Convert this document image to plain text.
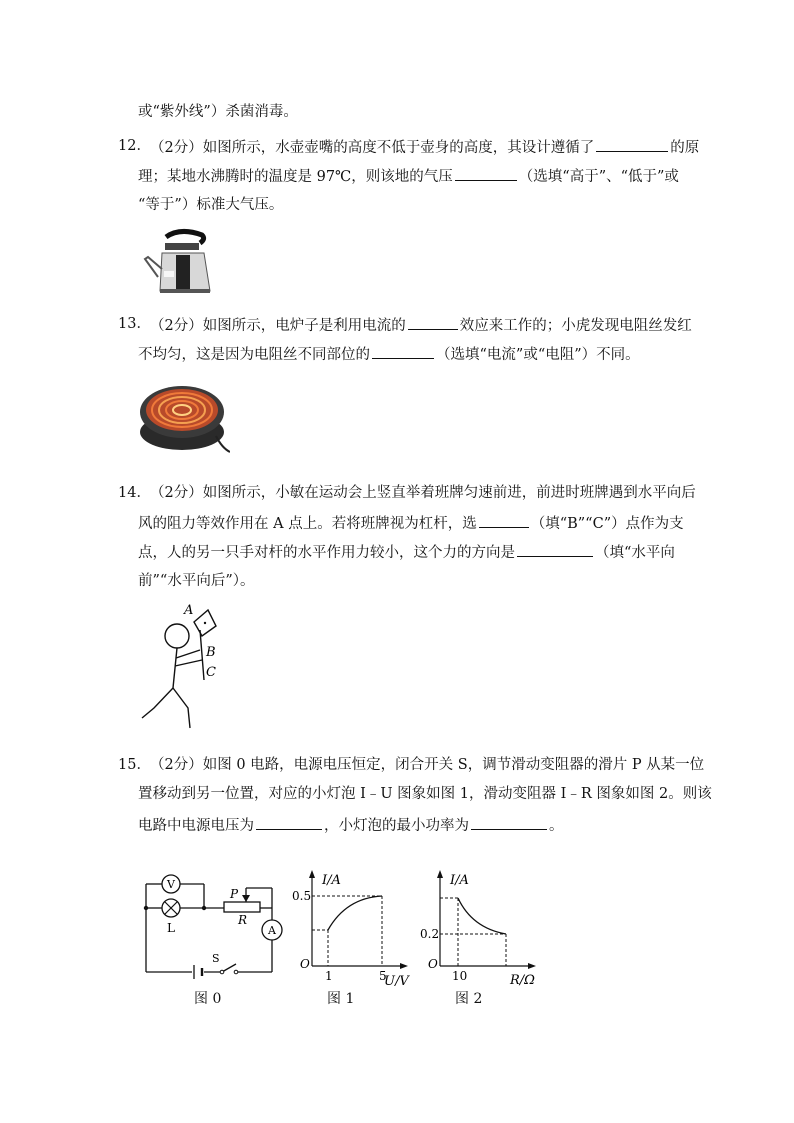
或“紫外线”）杀菌消毒。
12． （2分）如图所示，水壶壶嘴的高度不低于壶身的高度，其设计遵循了	的原
理；某地水沸腾时的温度是 97℃，则该地的气压	（选填“高于”、“低于”或
“等于”）标准大气压。
13． （2分）如图所示，电炉子是利用电流的	效应来工作的；小虎发现电阻丝发红
不均匀，这是因为电阻丝不同部位的	（选填“电流”或“电阻”）不同。
14． （2分）如图所示，小敏在运动会上竖直举着班牌匀速前进，前进时班牌遇到水平向后
风的阻力等效作用在 A 点上。若将班牌视为杠杆，选	（填“B”“C”）点作为支
点，人的另一只手对杆的水平作用力较小，这个力的方向是	（填“水平向
前”“水平向后”）。
A
B
C
15． （2分）如图 0 电路，电源电压恒定，闭合开关 S，调节滑动变阻器的滑片 P 从某一位
置移动到另一位置，对应的小灯泡 I﹣U 图象如图 1，滑动变阻器 I﹣R 图象如图 2。则该
电路中电源电压为	，小灯泡的最小功率为	。
V
L	A
P
R
S
图 0
I/A
0.5
O
1	5
U/V
图 1
I/A
0.2
O
10	R/Ω
图 2
